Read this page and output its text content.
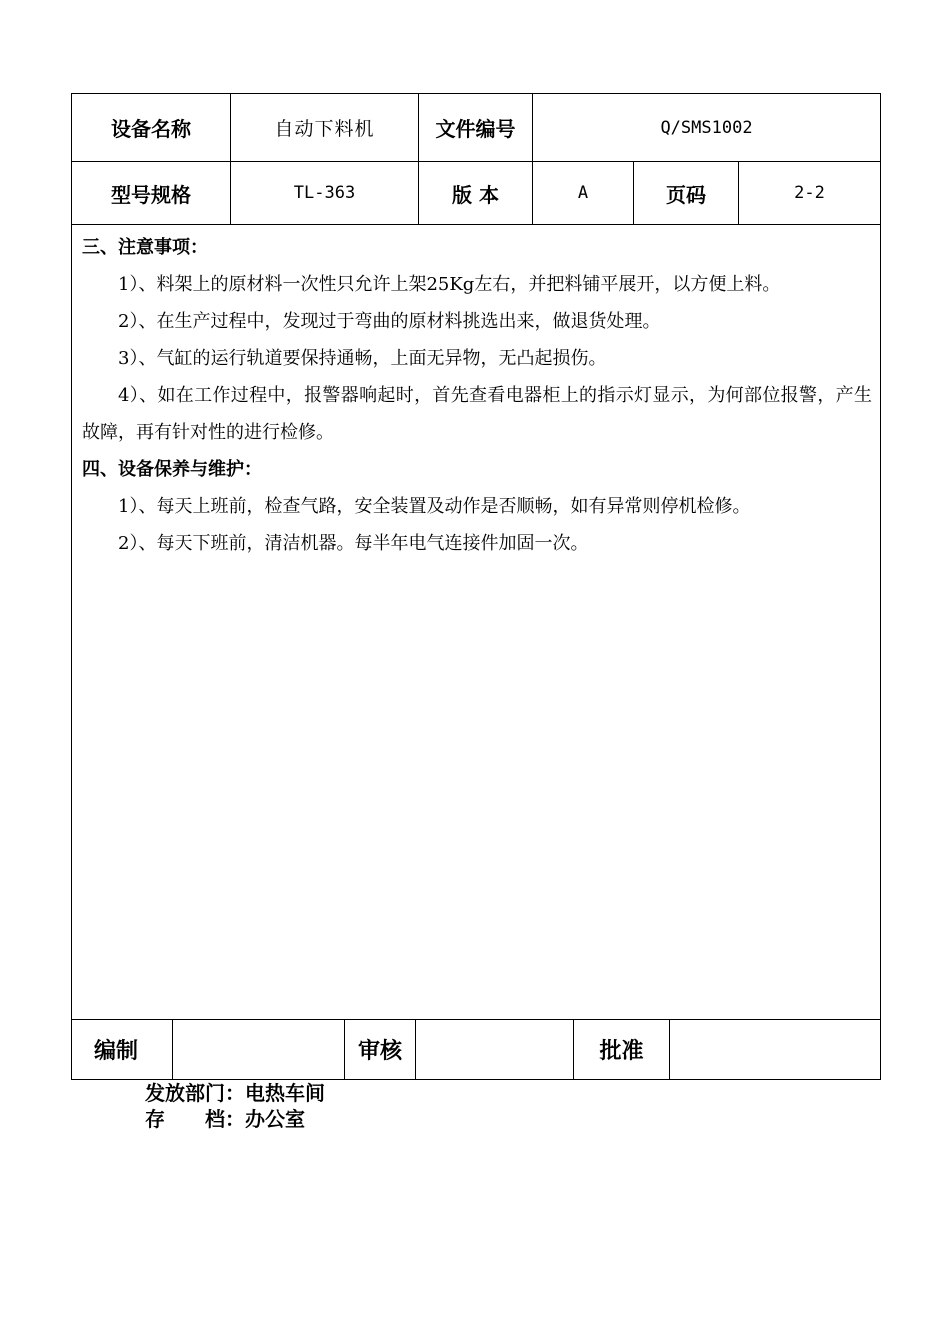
设备名称	自动下料机	文件编号	Q/SMS1002
型号规格	TL-363	版 本	A	页码	2-2
三、注意事项：
1）、料架上的原材料一次性只允许上架25Kg左右，并把料铺平展开，以方便上料。
2）、在生产过程中，发现过于弯曲的原材料挑选出来，做退货处理。
3）、气缸的运行轨道要保持通畅，上面无异物，无凸起损伤。
4）、如在工作过程中，报警器响起时，首先查看电器柜上的指示灯显示，为何部位报警，产生故障，再有针对性的进行检修。
四、设备保养与维护：
1）、每天上班前，检查气路，安全装置及动作是否顺畅，如有异常则停机检修。
2）、每天下班前，清洁机器。每半年电气连接件加固一次。
编制	审核	批准
发放部门：电热车间
存　　档：办公室
